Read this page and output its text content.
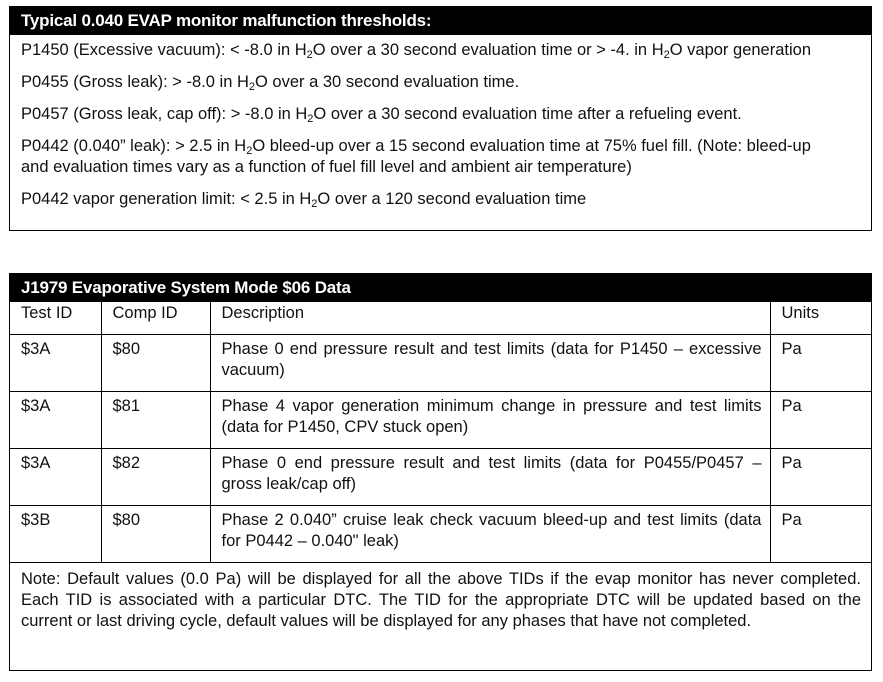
Typical 0.040 EVAP monitor malfunction thresholds:
P1450 (Excessive vacuum): < -8.0 in $H_2O$ over a 30 second evaluation time or > -4. in $H_2O$ vapor generation
P0455 (Gross leak): > -8.0 in $H_2O$ over a 30 second evaluation time.
P0457 (Gross leak, cap off): > -8.0 in $H_2O$ over a 30 second evaluation time after a refueling event.
P0442 (0.040” leak): > 2.5 in $H_2O$ bleed-up over a 15 second evaluation time at 75% fuel fill. (Note: bleed-up
and evaluation times vary as a function of fuel fill level and ambient air temperature)
P0442 vapor generation limit: < 2.5 in $H_2O$ over a 120 second evaluation time
J1979 Evaporative System Mode $06 Data
Test ID	Comp ID	Description	Units
$3A	$80	Phase 0 end pressure result and test limits (data for P1450 – excessive vacuum)	Pa
$3A	$81	Phase 4 vapor generation minimum change in pressure and test limits (data for P1450, CPV stuck open)	Pa
$3A	$82	Phase 0 end pressure result and test limits (data for P0455/P0457 – gross leak/cap off)	Pa
$3B	$80	Phase 2 0.040” cruise leak check vacuum bleed-up and test limits (data for P0442 – 0.040" leak)	Pa
Note: Default values (0.0 Pa) will be displayed for all the above TIDs if the evap monitor has never completed. Each TID is associated with a particular DTC. The TID for the appropriate DTC will be updated based on the current or last driving cycle, default values will be displayed for any phases that have not completed.			
